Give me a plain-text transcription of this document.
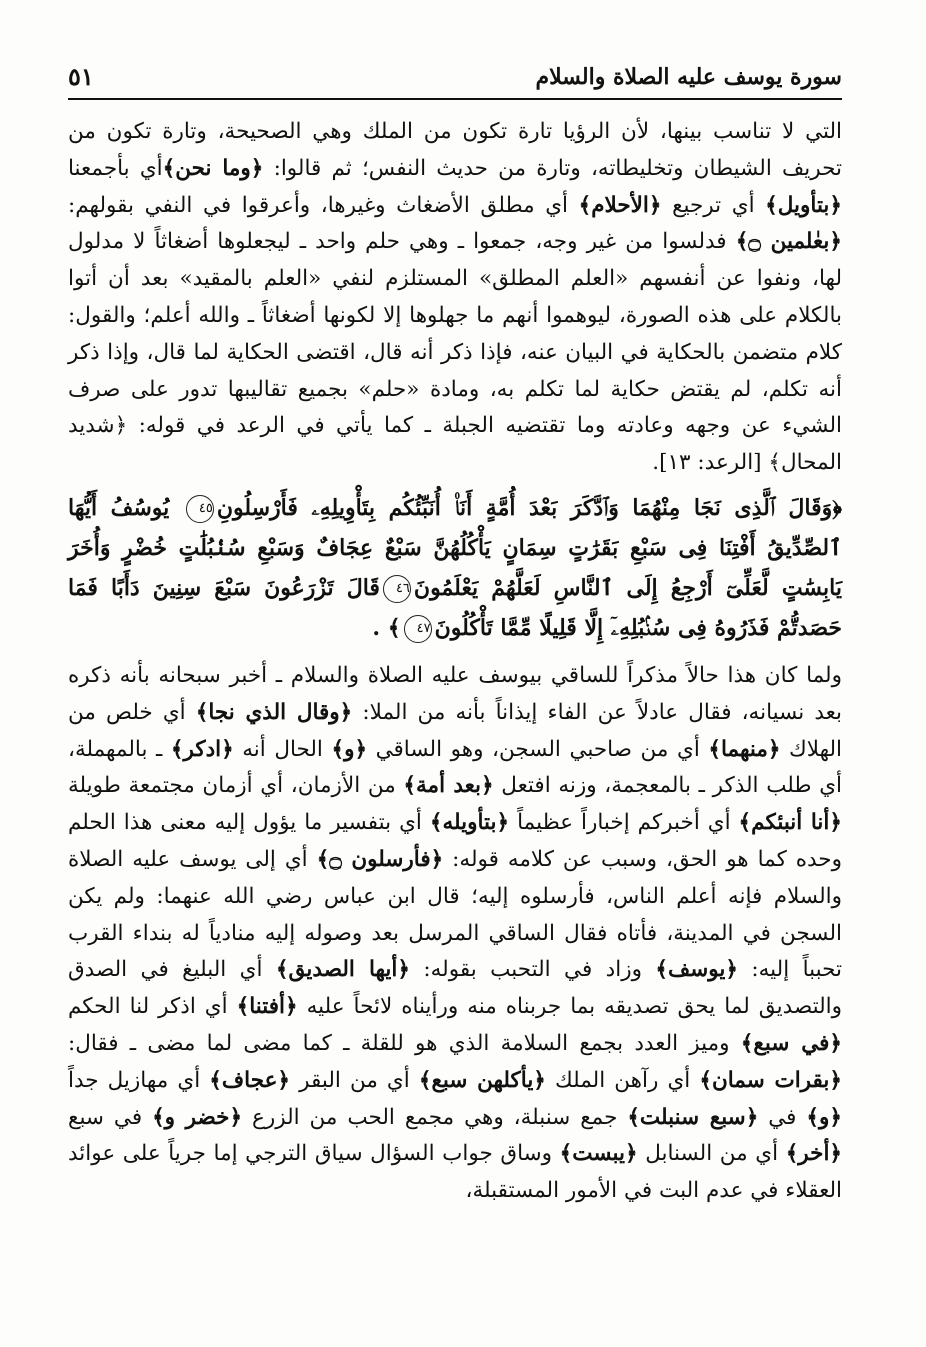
سورة يوسف عليه الصلاة والسلام
٥١

التي لا تناسب بينها، لأن الرؤيا تارة تكون من الملك وهي الصحيحة، وتارة تكون من تحريف الشيطان وتخليطاته، وتارة من حديث النفس؛ ثم قالوا: ﴿وما نحن﴾أي بأجمعنا ﴿بتأويل﴾ أي ترجيع ﴿الأحلام﴾ أي مطلق الأضغاث وغيرها، وأعرقوا في النفي بقولهم: ﴿بعٰلمين ۝﴾ فدلسوا من غير وجه، جمعوا ـ وهي حلم واحد ـ ليجعلوها أضغاثاً لا مدلول لها، ونفوا عن أنفسهم «العلم المطلق» المستلزم لنفي «العلم بالمقيد» بعد أن أتوا بالكلام على هذه الصورة، ليوهموا أنهم ما جهلوها إلا لكونها أضغاثاً ـ والله أعلم؛ والقول: كلام متضمن بالحكاية في البيان عنه، فإذا ذكر أنه قال، اقتضى الحكاية لما قال، وإذا ذكر أنه تكلم، لم يقتض حكاية لما تكلم به، ومادة «حلم» بجميع تقاليبها تدور على صرف الشيء عن وجهه وعادته وما تقتضيه الجبلة ـ كما يأتي في الرعد في قوله: ﴿شديد المحال﴾ [الرعد: ١٣].

﴿وَقَالَ ٱلَّذِى نَجَا مِنْهُمَا وَٱدَّكَرَ بَعْدَ أُمَّةٍ أَنَا۠ أُنَبِّئُكُم بِتَأْوِيلِهِۦ فَأَرْسِلُونِ٤٥ يُوسُفُ أَيُّهَا ٱلصِّدِّيقُ أَفْتِنَا فِى سَبْعِ بَقَرَٰتٍ سِمَانٍ يَأْكُلُهُنَّ سَبْعٌ عِجَافٌ وَسَبْعِ سُنۢبُلَٰتٍ خُضْرٍ وَأُخَرَ يَابِسَٰتٍ لَّعَلِّىٓ أَرْجِعُ إِلَى ٱلنَّاسِ لَعَلَّهُمْ يَعْلَمُونَ٤٦قَالَ تَزْرَعُونَ سَبْعَ سِنِينَ دَأَبًا فَمَا حَصَدتُّمْ فَذَرُوهُ فِى سُنۢبُلِهِۦٓ إِلَّا قَلِيلًا مِّمَّا تَأْكُلُونَ٤٧﴾ .

ولما كان هذا حالاً مذكراً للساقي بيوسف عليه الصلاة والسلام ـ أخبر سبحانه بأنه ذكره بعد نسيانه، فقال عادلاً عن الفاء إيذاناً بأنه من الملا: ﴿وقال الذي نجا﴾ أي خلص من الهلاك ﴿منهما﴾ أي من صاحبي السجن، وهو الساقي ﴿و﴾ الحال أنه ﴿ادكر﴾ ـ بالمهملة، أي طلب الذكر ـ بالمعجمة، وزنه افتعل ﴿بعد أمة﴾ من الأزمان، أي أزمان مجتمعة طويلة ﴿أنا أنبئكم﴾ أي أخبركم إخباراً عظيماً ﴿بتأويله﴾ أي بتفسير ما يؤول إليه معنى هذا الحلم وحده كما هو الحق، وسبب عن كلامه قوله: ﴿فأرسلون ۝﴾ أي إلى يوسف عليه الصلاة والسلام فإنه أعلم الناس، فأرسلوه إليه؛ قال ابن عباس رضي الله عنهما: ولم يكن السجن في المدينة، فأتاه فقال الساقي المرسل بعد وصوله إليه منادياً له بنداء القرب تحبباً إليه: ﴿يوسف﴾ وزاد في التحبب بقوله: ﴿أيها الصديق﴾ أي البليغ في الصدق والتصديق لما يحق تصديقه بما جربناه منه ورأيناه لائحاً عليه ﴿أفتنا﴾ أي اذكر لنا الحكم ﴿في سبع﴾ وميز العدد بجمع السلامة الذي هو للقلة ـ كما مضى لما مضى ـ فقال: ﴿بقرات سمان﴾ أي رآهن الملك ﴿يأكلهن سبع﴾ أي من البقر ﴿عجاف﴾ أي مهازيل جداً ﴿و﴾ في ﴿سبع سنبلت﴾ جمع سنبلة، وهي مجمع الحب من الزرع ﴿خضر و﴾ في سبع ﴿أخر﴾ أي من السنابل ﴿يبست﴾ وساق جواب السؤال سياق الترجي إما جرياً على عوائد العقلاء في عدم البت في الأمور المستقبلة،
